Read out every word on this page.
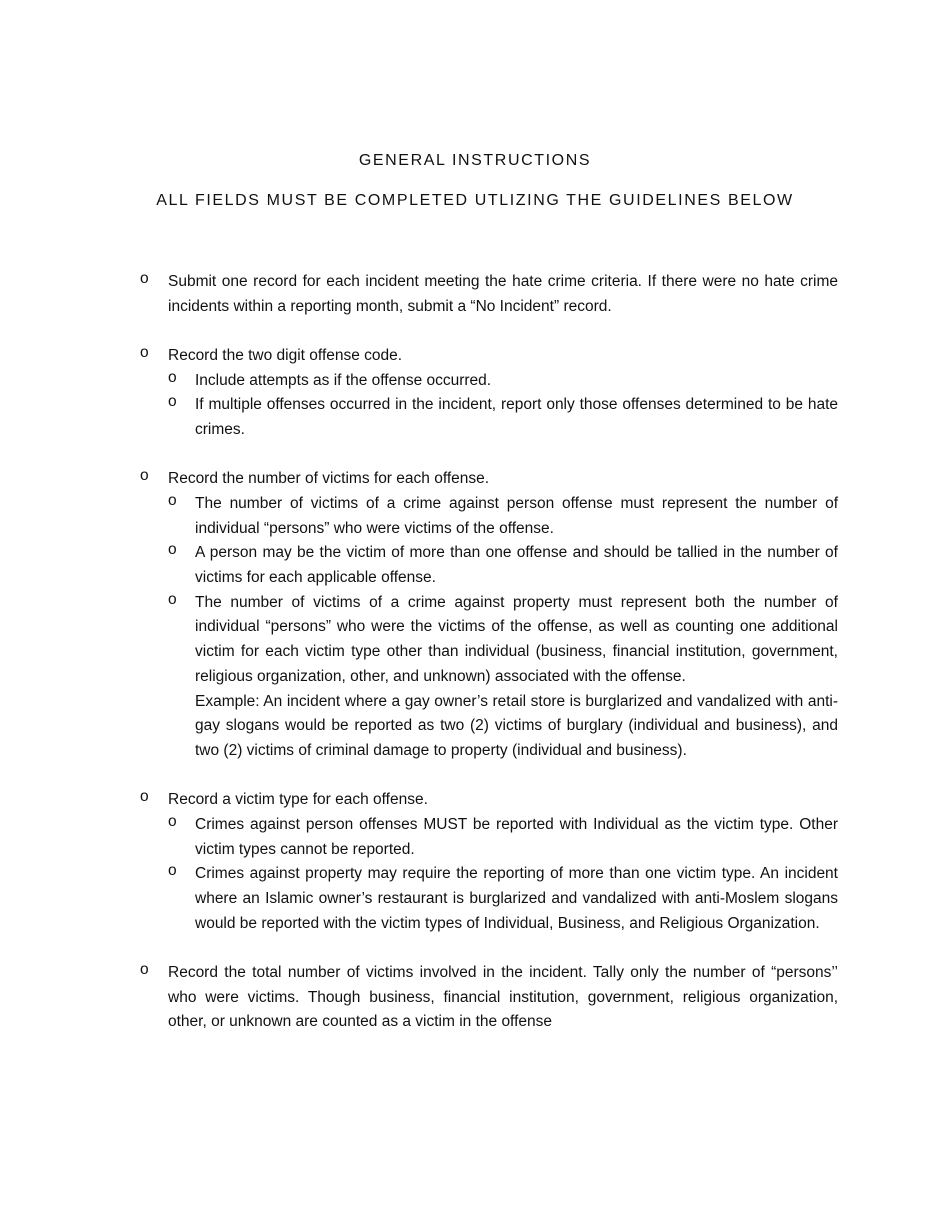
GENERAL INSTRUCTIONS
ALL FIELDS MUST BE COMPLETED UTLIZING THE GUIDELINES BELOW
o Submit one record for each incident meeting the hate crime criteria. If there were no hate crime incidents within a reporting month, submit a “No Incident” record.
o Record the two digit offense code.
o Include attempts as if the offense occurred.
o If multiple offenses occurred in the incident, report only those offenses determined to be hate crimes.
o Record the number of victims for each offense.
o The number of victims of a crime against person offense must represent the number of individual “persons” who were victims of the offense.
o A person may be the victim of more than one offense and should be tallied in the number of victims for each applicable offense.
o The number of victims of a crime against property must represent both the number of individual “persons” who were the victims of the offense, as well as counting one additional victim for each victim type other than individual (business, financial institution, government, religious organization, other, and unknown) associated with the offense.
Example: An incident where a gay owner’s retail store is burglarized and vandalized with anti-gay slogans would be reported as two (2) victims of burglary (individual and business), and two (2) victims of criminal damage to property (individual and business).
o Record a victim type for each offense.
o Crimes against person offenses MUST be reported with Individual as the victim type. Other victim types cannot be reported.
o Crimes against property may require the reporting of more than one victim type. An incident where an Islamic owner’s restaurant is burglarized and vandalized with anti-Moslem slogans would be reported with the victim types of Individual, Business, and Religious Organization.
o Record the total number of victims involved in the incident. Tally only the number of “persons’’ who were victims. Though business, financial institution, government, religious organization, other, or unknown are counted as a victim in the offense
